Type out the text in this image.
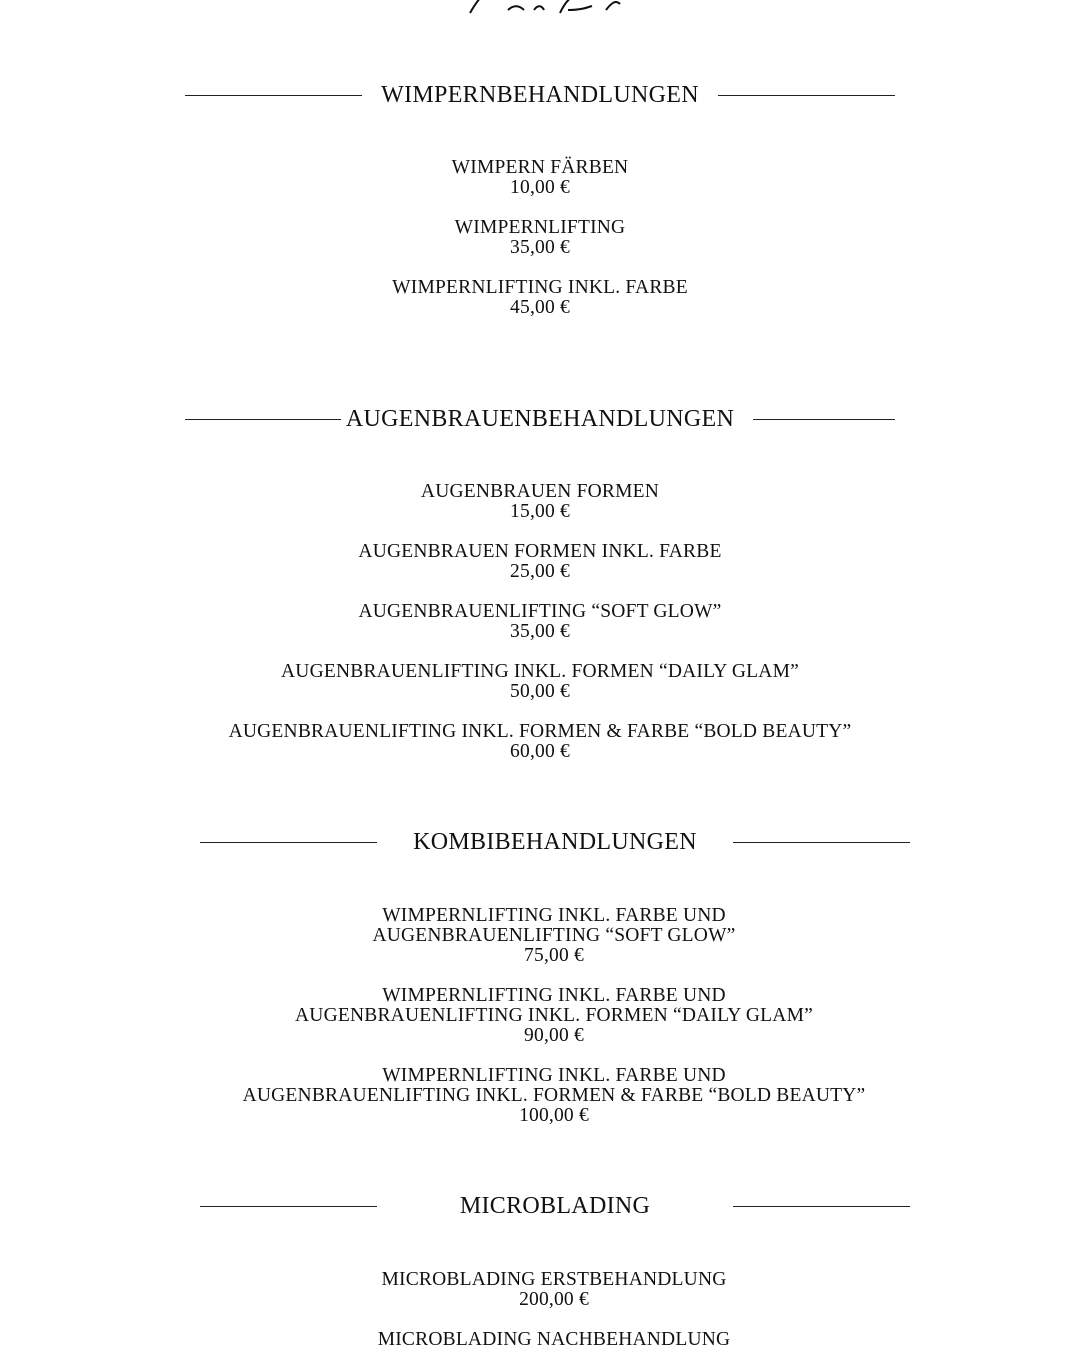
WIMPERNBEHANDLUNGEN
WIMPERN FÄRBEN
10,00 €
WIMPERNLIFTING
35,00 €
WIMPERNLIFTING INKL. FARBE
45,00 €
AUGENBRAUENBEHANDLUNGEN
AUGENBRAUEN FORMEN
15,00 €
AUGENBRAUEN FORMEN INKL. FARBE
25,00 €
AUGENBRAUENLIFTING “SOFT GLOW”
35,00 €
AUGENBRAUENLIFTING INKL. FORMEN “DAILY GLAM”
50,00 €
AUGENBRAUENLIFTING INKL. FORMEN & FARBE “BOLD BEAUTY”
60,00 €
KOMBIBEHANDLUNGEN
WIMPERNLIFTING INKL. FARBE UND
AUGENBRAUENLIFTING “SOFT GLOW”
75,00 €
WIMPERNLIFTING INKL. FARBE UND
AUGENBRAUENLIFTING INKL. FORMEN “DAILY GLAM”
90,00 €
WIMPERNLIFTING INKL. FARBE UND
AUGENBRAUENLIFTING INKL. FORMEN & FARBE “BOLD BEAUTY”
100,00 €
MICROBLADING
MICROBLADING ERSTBEHANDLUNG
200,00 €
MICROBLADING NACHBEHANDLUNG
